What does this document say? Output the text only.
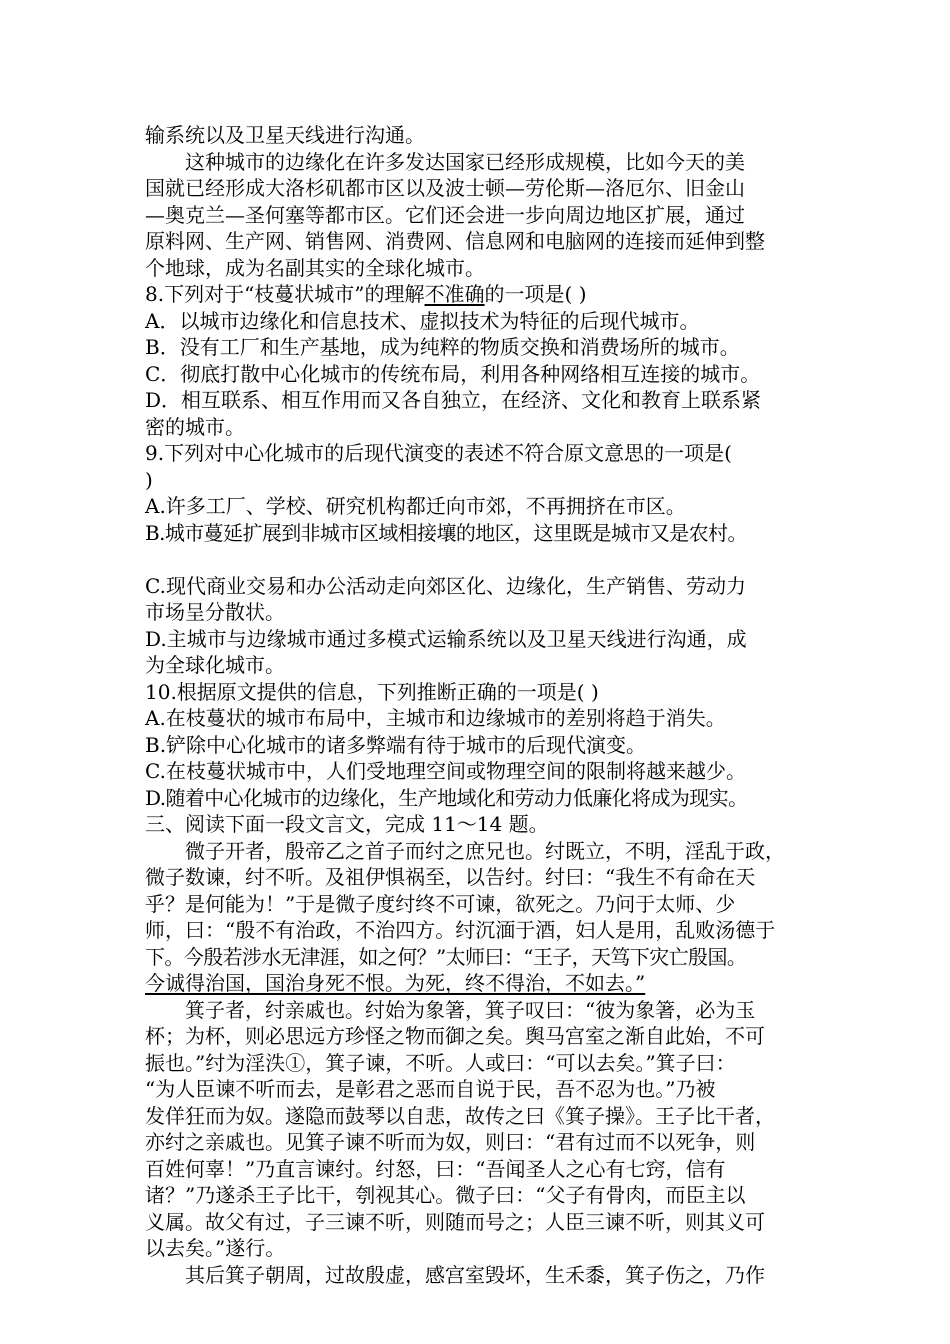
输系统以及卫星天线进行沟通。
这种城市的边缘化在许多发达国家已经形成规模，比如今天的美
国就已经形成大洛杉矶都市区以及波士顿—劳伦斯—洛厄尔、旧金山
—奥克兰—圣何塞等都市区。它们还会进一步向周边地区扩展，通过
原料网、生产网、销售网、消费网、信息网和电脑网的连接而延伸到整
个地球，成为名副其实的全球化城市。
8.下列对于“枝蔓状城市”的理解不准确的一项是( )
A．以城市边缘化和信息技术、虚拟技术为特征的后现代城市。
B．没有工厂和生产基地，成为纯粹的物质交换和消费场所的城市。
C．彻底打散中心化城市的传统布局，利用各种网络相互连接的城市。
D．相互联系、相互作用而又各自独立，在经济、文化和教育上联系紧
密的城市。
9.下列对中心化城市的后现代演变的表述不符合原文意思的一项是(
)
A.许多工厂、学校、研究机构都迁向市郊，不再拥挤在市区。
B.城市蔓延扩展到非城市区域相接壤的地区，这里既是城市又是农村。
C.现代商业交易和办公活动走向郊区化、边缘化，生产销售、劳动力
市场呈分散状。
D.主城市与边缘城市通过多模式运输系统以及卫星天线进行沟通，成
为全球化城市。
10.根据原文提供的信息，下列推断正确的一项是( )
A.在枝蔓状的城市布局中，主城市和边缘城市的差别将趋于消失。
B.铲除中心化城市的诸多弊端有待于城市的后现代演变。
C.在枝蔓状城市中，人们受地理空间或物理空间的限制将越来越少。
D.随着中心化城市的边缘化，生产地域化和劳动力低廉化将成为现实。
三、阅读下面一段文言文，完成 11～14 题。
微子开者，殷帝乙之首子而纣之庶兄也。纣既立，不明，淫乱于政，
微子数谏，纣不听。及祖伊惧祸至，以告纣。纣曰：“我生不有命在天
乎？是何能为！”于是微子度纣终不可谏，欲死之。乃问于太师、少
师，曰：“殷不有治政，不治四方。纣沉湎于酒，妇人是用，乱败汤德于
下。今殷若涉水无津涯，如之何？”太师曰：“王子，天笃下灾亡殷国。
今诚得治国，国治身死不恨。为死，终不得治，不如去。”
箕子者，纣亲戚也。纣始为象箸，箕子叹曰：“彼为象箸，必为玉
杯；为杯，则必思远方珍怪之物而御之矣。舆马宫室之渐自此始，不可
振也。”纣为淫泆①，箕子谏，不听。人或曰：“可以去矣。”箕子曰：
“为人臣谏不听而去，是彰君之恶而自说于民，吾不忍为也。”乃被
发佯狂而为奴。遂隐而鼓琴以自悲，故传之曰《箕子操》。王子比干者，
亦纣之亲戚也。见箕子谏不听而为奴，则曰：“君有过而不以死争，则
百姓何辜！”乃直言谏纣。纣怒，曰：“吾闻圣人之心有七窍，信有
诸？”乃遂杀王子比干，刳视其心。微子曰：“父子有骨肉，而臣主以
义属。故父有过，子三谏不听，则随而号之；人臣三谏不听，则其义可
以去矣。”遂行。
其后箕子朝周，过故殷虚，感宫室毁坏，生禾黍，箕子伤之，乃作
